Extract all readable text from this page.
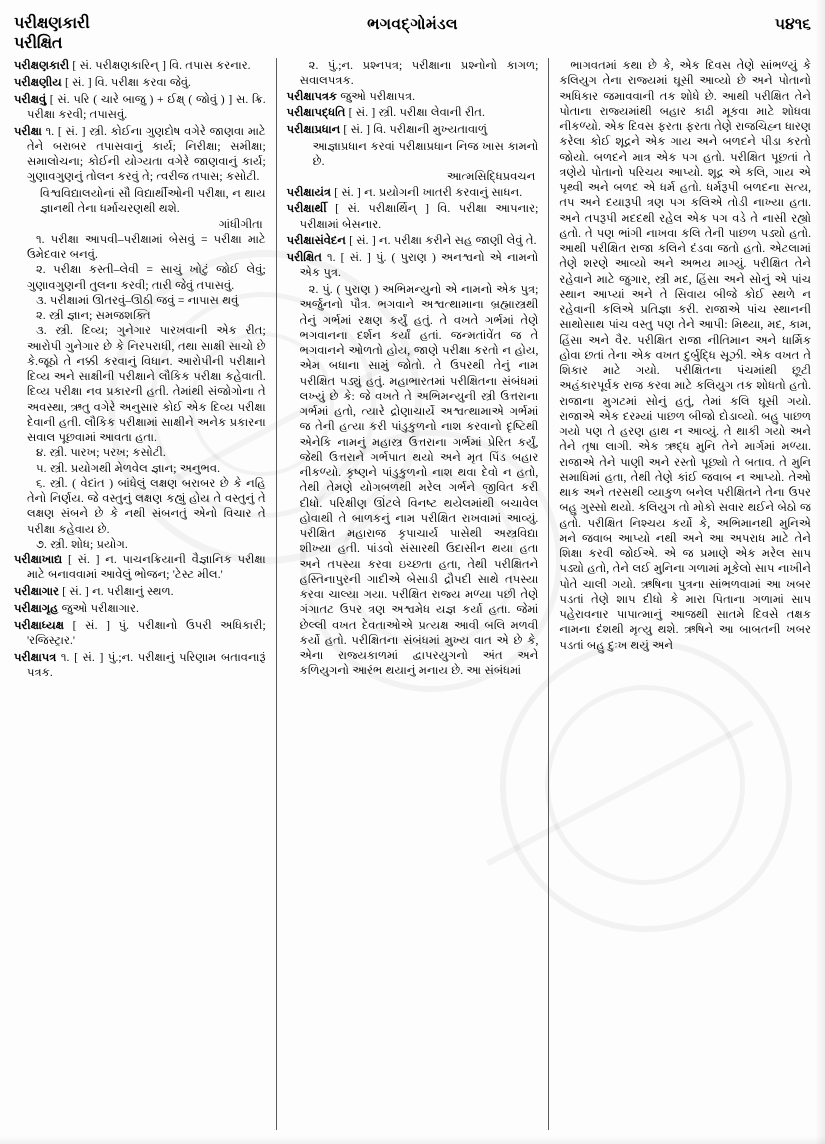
પરીક્ષણકારી
પરીક્ષિત
ભગવદ્ગોમંડલ	૫૪૧૬

પરીક્ષણકારી [ સં. પરીક્ષણકારિન્ ] વિ. તપાસ કરનાર.

પરીક્ષણીય [ સં. ] વિ. પરીક્ષા કરવા જેવું.

પરીક્ષવું [ સં. પરિ ( ચારે બાજુ ) + ઈક્ષ્ ( જોવું ) ] સ. ક્રિ. પરીક્ષા કરવી; તપાસવું.

પરીક્ષા ૧. [ સં. ] સ્ત્રી. કોઈના ગુણદોષ વગેરે જાણવા માટે તેને બરાબર તપાસવાનું કાર્ય; નિરીક્ષા; સમીક્ષા; સમાલોચના; કોઈની યોગ્યતા વગેરે જાણવાનું કાર્ય; ગુણાવગુણનું તોલન કરવું તે; ત્વરીજ તપાસ; કસોટી.

વિશ્વવિદ્યાલયોનાં સૌ વિદ્યાર્થીઓની પરીક્ષા, ન થાય જ્ઞાનથી તેના ધર્માચરણથી થશે.

ગાંધીગીતા

૧. પરીક્ષા આપવી–પરીક્ષામાં બેસવું = પરીક્ષા માટે ઉમેદવાર બનવું.

૨. પરીક્ષા કસ્તી–લેવી = સાચું ખોટું જોઈ લેવું; ગુણાવગુણની તુલના કરવી; તારી જેવું તપાસવું.

૩. પરીક્ષામાં ઊતરવું–ઊઠી જવું = નાપાસ થવું

૨. સ્ત્રી જ્ઞાન; સમજશક્તિ

૩. સ્ત્રી. દિવ્ય; ગુનેગાર પારખવાની એક રીત; આરોપી ગુનેગાર છે કે નિરપરાધી, તથા સાક્ષી સાચો છે કે.જૂઠો તે નક્કી કરવાનું વિધાન. આરોપીની પરીક્ષાને દિવ્ય અને સાક્ષીની પરીક્ષાને લૌકિક પરીક્ષા કહેવાતી. દિવ્ય પરીક્ષા નવ પ્રકારની હતી. તેમાંથી સંજોગોના તે અવસ્થા, ઋતુ વગેરે અનુસાર કોઈ એક દિવ્ય પરીક્ષા દેવાની હતી. લૌકિક પરીક્ષામાં સાક્ષીને અનેક પ્રકારના સવાલ પૂછવામાં આવતા હતા.

૪. સ્ત્રી. પારખ; પરખ; કસોટી.

૫. સ્ત્રી. પ્રયોગથી મેળવેલ જ્ઞાન; અનુભવ.

૬. સ્ત્રી. ( વેદાંત ) બાંધેલું લક્ષણ બરાબર છે કે નહિ તેનો નિર્ણય. જે વસ્તુનું લક્ષણ કહ્યું હોય તે વસ્તુનું તે લક્ષણ સંબને છે કે નથી સંબનતું એનો વિચાર તે પરીક્ષા કહેવાય છે.

૭. સ્ત્રી. શોધ; પ્રયોગ.

પરીક્ષાખાદ્ય [ સં. ] ન. પાચનક્રિયાની વૈજ્ઞાનિક પરીક્ષા માટે બનાવવામાં આવેલું ભોજન; 'ટેસ્ટ મીલ.'

પરીક્ષાગાર [ સં. ] ન. પરીક્ષાનું સ્થળ.

પરીક્ષાગૃહ જુઓ પરીક્ષાગાર.

પરીક્ષાધ્યક્ષ [ સં. ] પું. પરીક્ષાનો ઉપરી અધિકારી; 'રજિસ્ટ્રાર.'

પરીક્ષાપત્ર ૧. [ સં. ] પું.;ન. પરીક્ષાનું પરિણામ બતાવનારૂં પત્રક.

૨. પું.;ન. પ્રશ્નપત્ર; પરીક્ષાના પ્રશ્નોનો કાગળ; સવાલપત્રક.

પરીક્ષાપત્રક જુઓ પરીક્ષાપત્ર.

પરીક્ષાપદ્ધતિ [ સં. ] સ્ત્રી. પરીક્ષા લેવાની રીત.

પરીક્ષાપ્રધાન [ સં. ] વિ. પરીક્ષાની મુખ્યતાવાળું

આજ્ઞાપ્રધાન કરવાં પરીક્ષાપ્રધાન નિજ ખાસ કામનો છે.

આત્મસિદ્ધિપ્રવચન

પરીક્ષાયંત્ર [ સં. ] ન. પ્રયોગની ખાતરી કરવાનું સાધન.

પરીક્ષાર્થી [ સં. પરીક્ષાર્થિન્ ] વિ. પરીક્ષા આપનાર; પરીક્ષામાં બેસનાર.

પરીક્ષાસંવેદન [ સં. ] ન. પરીક્ષા કરીને સહ જાણી લેવું તે.

પરીક્ષિત ૧. [ સં. ] પું. ( પુરાણ ) અનશ્વનો એ નામનો એક પુત્ર.

૨. પું. ( પુરાણ ) અભિમન્યુનો એ નામનો એક પુત્ર; અર્જુનનો પૌત્ર. ભગવાને અશ્વત્થામાના બ્રહ્માસ્ત્રથી તેનું ગર્ભમાં રક્ષણ કર્યું હતું. તે વખતે ગર્ભમાં તેણે ભગવાનના દર્શન કર્યાં હતાં. જન્મતાંવેંત જ તે ભગવાનને ઓળતો હોય, જાણે પરીક્ષા કરતો ન હોય, એમ બધાના સામું જોતો. તે ઉપરથી તેનું નામ પરીક્ષિત પડ્યું હતું. મહાભારતમાં પરીક્ષિતના સંબંધમાં લખ્યું છે કે: જે વખતે તે અભિમન્યુની સ્ત્રી ઉત્તરાના ગર્ભમાં હતો, ત્યારે દ્રોણાચાર્યે અશ્વત્થામાએ ગર્ભમાં જ તેની હત્યા કરી પાંડુકુળનો નાશ કરવાનો દૃષ્ટિથી એનેકિ નામનું મહાસ્ત્ર ઉત્તરાના ગર્ભમાં પ્રેરિત કર્યું, જેથી ઉત્તરાને ગર્ભપાત થયો અને મૃત પિંડ બહાર નીકળ્યો. કૃષ્ણને પાંડુકુળનો નાશ થવા દેવો ન હતો, તેથી તેમણે યોગબળથી મરેલ ગર્ભને જીવિત કરી દીધો. પરિક્ષીણ ઊંટલે વિનષ્ટ થયેલમાંથી બચાવેલ હોવાથી તે બાળકનું નામ પરીક્ષિત રાખવામાં આવ્યું. પરીક્ષિત મહારાજ કૃપાચાર્ય પાસેથી અસ્ત્રવિદ્યા શીખ્યા હતી. પાંડવો સંસારથી ઉદાસીન થયા હતા અને તપસ્યા કરવા ઇચ્છતા હતા, તેથી પરીક્ષિતને હસ્તિનાપુરની ગાદીએ બેસાડી દ્રૌપદી સાથે તપસ્યા કરવા ચાલ્યા ગયા. પરીક્ષિત રાજ્ય મળ્યા પછી તેણે ગંગાતટ ઉપર ત્રણ અશ્વમેધ યજ્ઞ કર્યા હતા. જેમાં છેલ્લી વખત દેવતાઓએ પ્રત્યક્ષ આવી બલિ મળવી કર્યો હતો. પરીક્ષિતના સંબંધમાં મુખ્ય વાત એ છે કે, એના રાજ્યકાળમાં દ્વાપરયુગનો અંત અને કળિયુગનો આરંભ થયાનું મનાય છે. આ સંબંધમાં

ભાગવતમાં કથા છે કે, એક દિવસ તેણે સાંભળ્યું કે કલિયુગ તેના રાજ્યમાં ઘૂસી આવ્યો છે અને પોતાનો અધિકાર જમાવવાની તક શોધે છે. આથી પરીક્ષિત તેને પોતાના રાજ્યમાંથી બહાર કાઢી મૂકવા માટે શોધવા નીકળ્યો. એક દિવસ ફરતા ફરતા તેણે રાજચિહ્ન ધારણ કરેલા કોઈ શૂદ્રને એક ગાય અને બળદને પીડા કરતો જોયો. બળદને માત્ર એક પગ હતો. પરીક્ષિત પૂછતાં તે ત્રણેયે પોતાનો પરિચય આપ્યો. શૂદ્ર એ કલિ, ગાય એ પૃથ્વી અને બળદ એ ધર્મ હતો. ધર્મરૂપી બળદના સત્ય, તપ અને દયારૂપી ત્રણ પગ કલિએ તોડી નાખ્યા હતા. અને તપરૂપી મદદથી રહેલ એક પગ વડે તે નાસી રહ્યો હતો. તે પણ ભાંગી નાખવા કલિ તેની પાછળ પડ્યો હતો. આથી પરીક્ષિત રાજા કલિને દંડવા જતો હતો. એટલામાં તેણે શરણે આવ્યો અને અભય માગ્યું. પરીક્ષિત તેને રહેવાને માટે જુગાર, સ્ત્રી મદ, હિંસા અને સોનું એ પાંચ સ્થાન આપ્યાં અને તે સિવાય બીજે કોઈ સ્થળે ન રહેવાની કલિએ પ્રતિજ્ઞા કરી. રાજાએ પાંચ સ્થાનની સાથોસાથ પાંચ વસ્તુ પણ તેને આપી: મિથ્યા, મદ, કામ, હિંસા અને વૈર. પરીક્ષિત રાજા નીતિમાન અને ધાર્મિક હોવા છતાં તેના એક વખત દુર્બુદ્ધિ સૂઝી. એક વખત તે શિકાર માટે ગયો. પરીક્ષિતના પંચમાંથી છૂટી અહંકારપૂર્વક રાજ કરવા માટે કલિયુગ તક શોધતો હતો. રાજાના મુગટમાં સોનું હતું, તેમાં કલિ ઘૂસી ગયો. રાજાએ એક દરમ્યાં પાછળ બીજો દોડાવ્યો. બહુ પાછળ ગયો પણ તે હરણ હાથ ન આવ્યું. તે થાકી ગયો અને તેને તૃષા લાગી. એક ઋદ્ધ મુનિ તેને માર્ગમાં મળ્યા. રાજાએ તેને પાણી અને રસ્તો પૂછ્યો તે બતાવ. તે મુનિ સમાધિમાં હતા, તેથી તેણે કાંઈ જવાબ ન આપ્યો. તેઓ થાક અને તરસથી વ્યાકુળ બનેલ પરીક્ષિતને તેના ઉપર બહુ ગુસ્સો થયો. કલિયુગ તો મોકો સવાર થઈને બેઠો જ હતો. પરીક્ષિત નિશ્ચય કર્યો કે, અભિમાનથી મુનિએ મને જવાબ આપ્યો નથી અને આ અપરાધ માટે તેને શિક્ષા કરવી જોઈએ. એ જ પ્રમાણે એક મરેલ સાપ પડ્યો હતો, તેને લઈ મુનિના ગળામાં મૂકેલો સાપ નાખીને પોતે ચાલી ગયો. ઋષિના પુત્રના સાંભળવામાં આ ખબર પડતાં તેણે શાપ દીધો કે મારા પિતાના ગળામાં સાપ પહેરાવનાર પાપાત્માનું આજથી સાતમે દિવસે તક્ષક નામના દંશથી મૃત્યુ થશે. ઋષિને આ બાબતની ખબર પડતાં બહુ દુઃખ થયું અને
